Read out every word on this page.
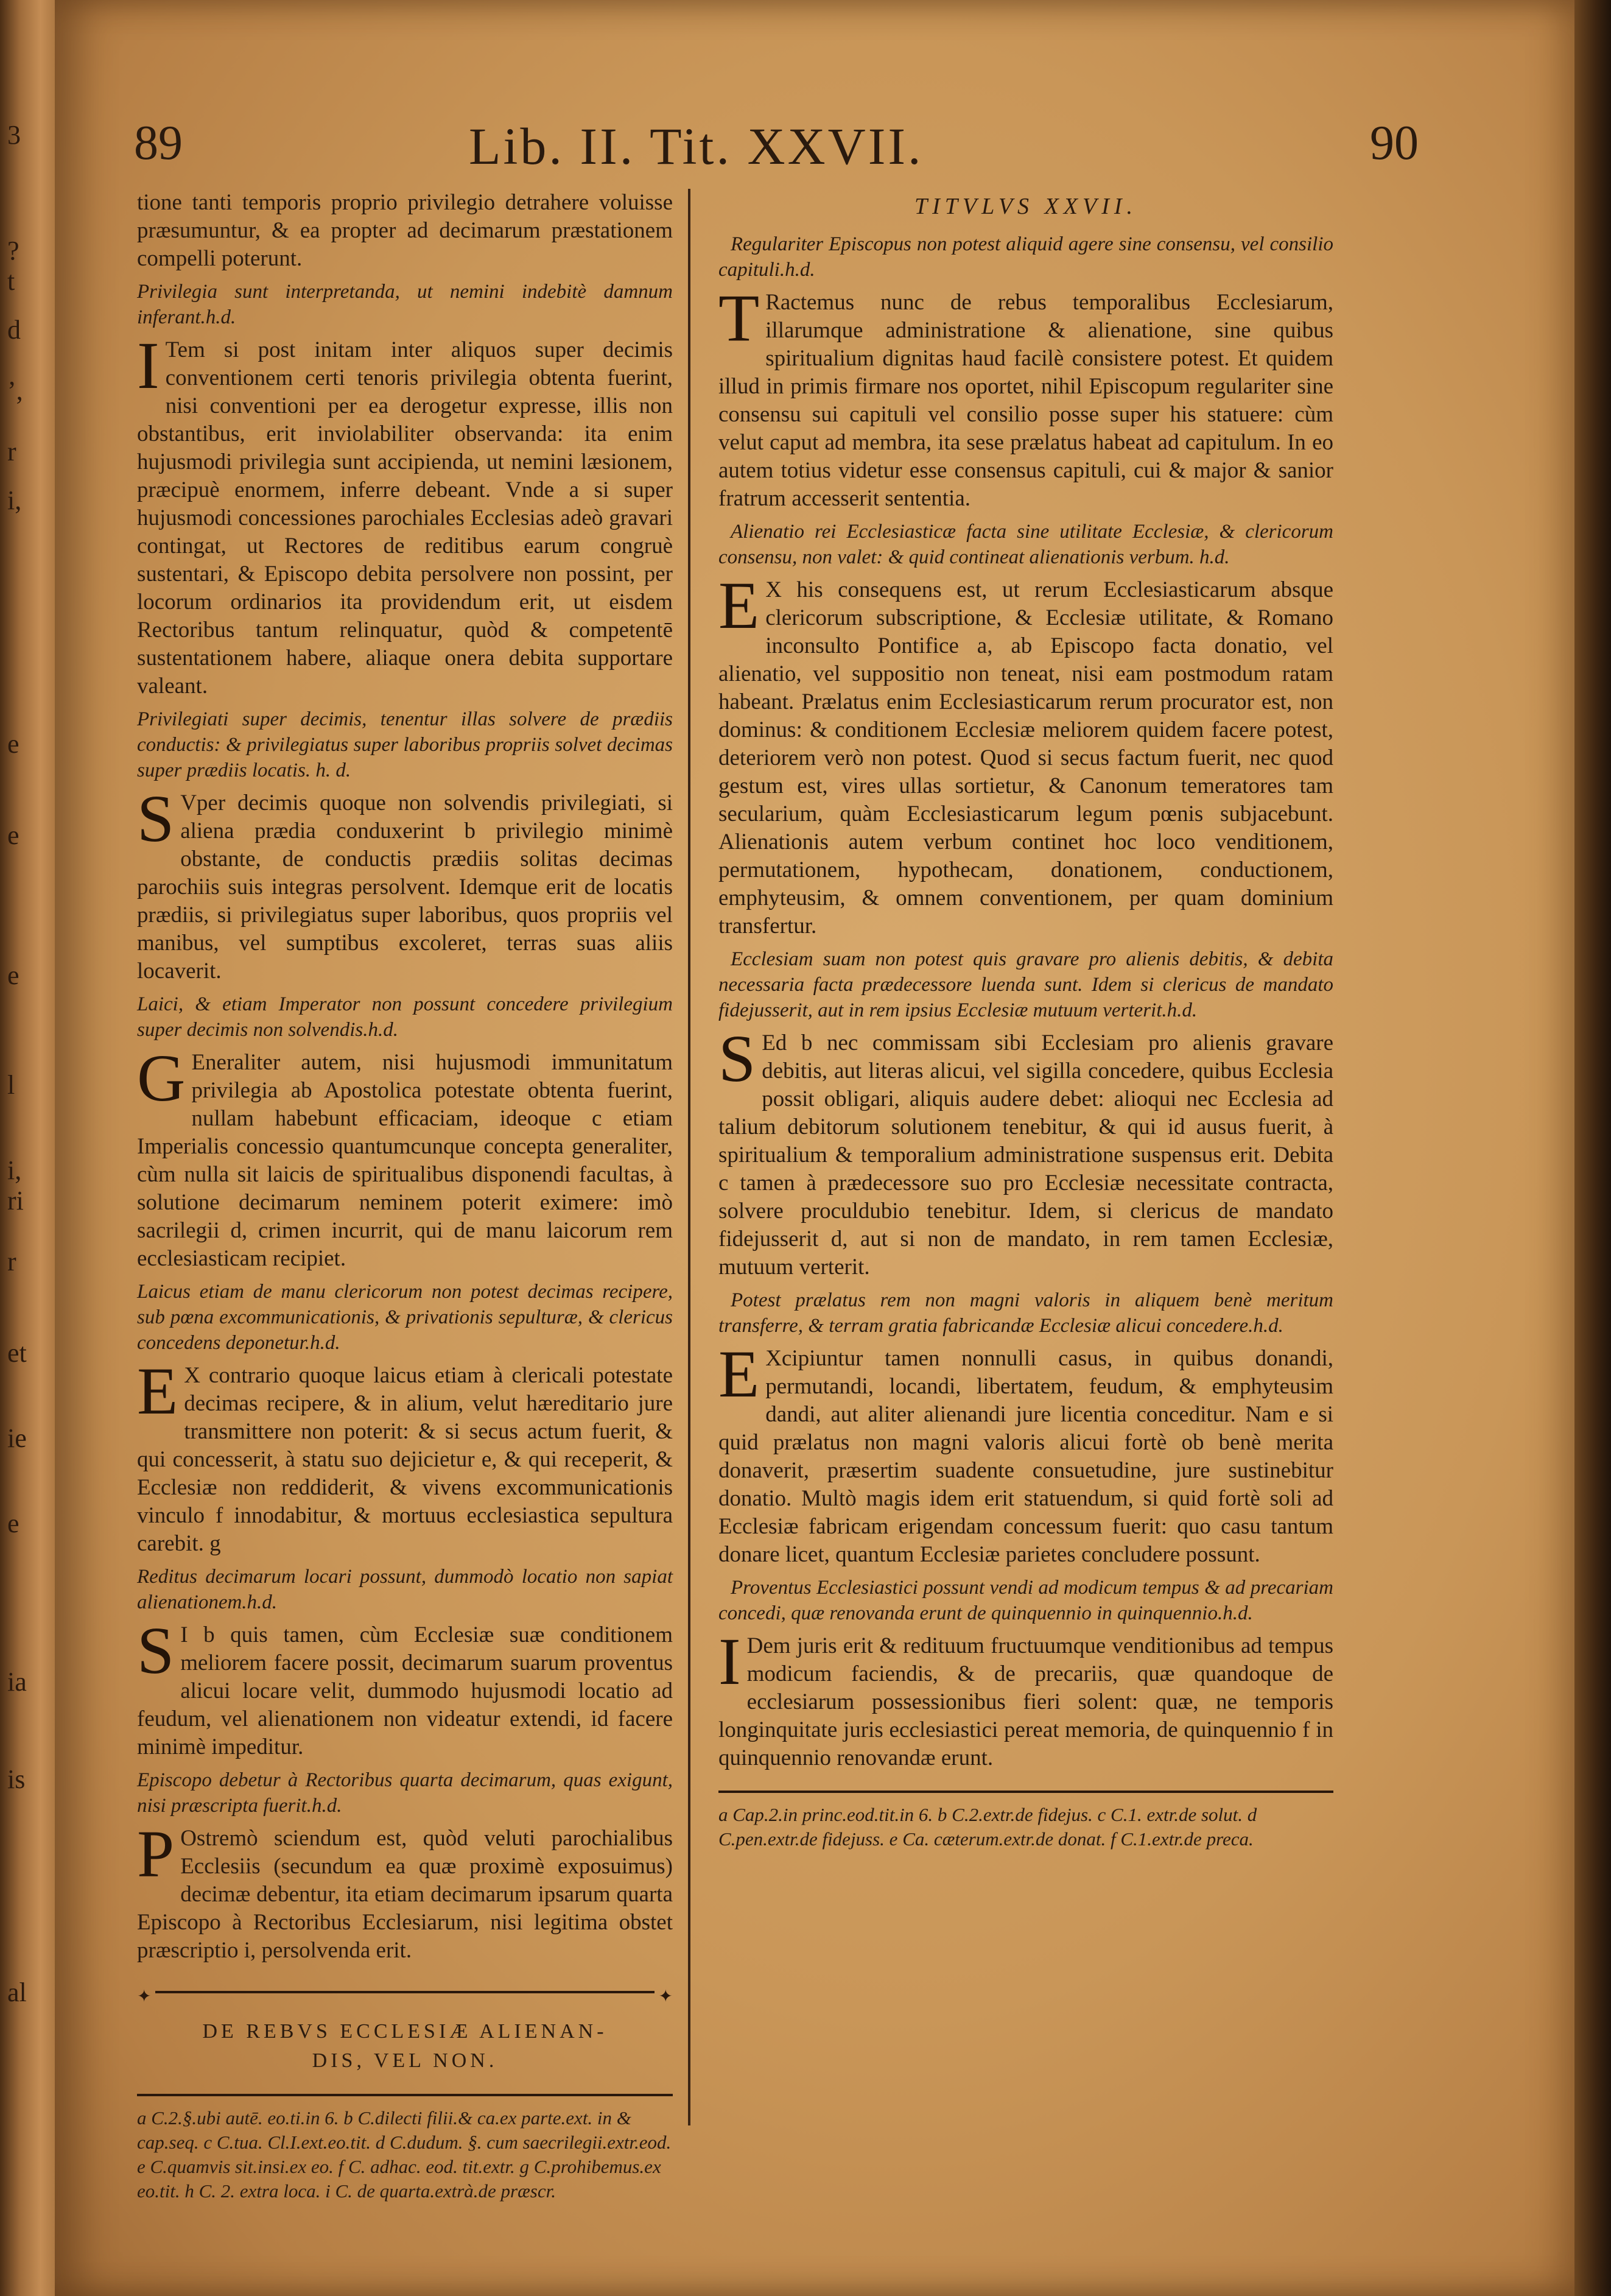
3
?
t
d
’,
r
i,
e
e
e
l
i,
r
ri
et
ie
e
ia
is
al
89	Lib. II. Tit. XXVII.	90

tione tanti temporis proprio privilegio detrahere voluisse præsumuntur, & ea propter ad decimarum præstationem compelli poterunt.

Privilegia sunt interpretanda, ut nemini indebitè damnum inferant.h.d.

I Tem si post initam inter aliquos super decimis conventionem certi tenoris privilegia obtenta fuerint, nisi conventioni per ea derogetur expresse, illis non obstantibus, erit inviolabiliter observanda: ita enim hujusmodi privilegia sunt accipienda, ut nemini læsionem, præcipuè enormem, inferre debeant. Vnde a si super hujusmodi concessiones parochiales Ecclesias adeò gravari contingat, ut Rectores de reditibus earum congruè sustentari, & Episcopo debita persolvere non possint, per locorum ordinarios ita providendum erit, ut eisdem Rectoribus tantum relinquatur, quòd & competentē sustentationem habere, aliaque onera debita supportare valeant.

Privilegiati super decimis, tenentur illas solvere de prædiis conductis: & privilegiatus super laboribus propriis solvet decimas super prædiis locatis. h. d.

S Vper decimis quoque non solvendis privilegiati, si aliena prædia conduxerint b privilegio minimè obstante, de conductis prædiis solitas decimas parochiis suis integras persolvent. Idemque erit de locatis prædiis, si privilegiatus super laboribus, quos propriis vel manibus, vel sumptibus excoleret, terras suas aliis locaverit.

Laici, & etiam Imperator non possunt concedere privilegium super decimis non solvendis.h.d.

G Eneraliter autem, nisi hujusmodi immunitatum privilegia ab Apostolica potestate obtenta fuerint, nullam habebunt efficaciam, ideoque c etiam Imperialis concessio quantumcunque concepta generaliter, cùm nulla sit laicis de spiritualibus disponendi facultas, à solutione decimarum neminem poterit eximere: imò sacrilegii d, crimen incurrit, qui de manu laicorum rem ecclesiasticam recipiet.

Laicus etiam de manu clericorum non potest decimas recipere, sub pœna excommunicationis, & privationis sepulturæ, & clericus concedens deponetur.h.d.

E X contrario quoque laicus etiam à clericali potestate decimas recipere, & in alium, velut hæreditario jure transmittere non poterit: & si secus actum fuerit, & qui concesserit, à statu suo dejicietur e, & qui receperit, & Ecclesiæ non reddiderit, & vivens excommunicationis vinculo f innodabitur, & mortuus ecclesiastica sepultura carebit. g

Reditus decimarum locari possunt, dummodò locatio non sapiat alienationem.h.d.

S I b quis tamen, cùm Ecclesiæ suæ conditionem meliorem facere possit, decimarum suarum proventus alicui locare velit, dummodo hujusmodi locatio ad feudum, vel alienationem non videatur extendi, id facere minimè impeditur.

Episcopo debetur à Rectoribus quarta decimarum, quas exigunt, nisi præscripta fuerit.h.d.

P Ostremò sciendum est, quòd veluti parochialibus Ecclesiis (secundum ea quæ proximè exposuimus) decimæ debentur, ita etiam decimarum ipsarum quarta Episcopo à Rectoribus Ecclesiarum, nisi legitima obstet præscriptio i, persolvenda erit.

✦	✦
DE REBVS ECCLESIÆ ALIENAN-
DIS, VEL NON.

a C.2.§.ubi autē. eo.ti.in 6. b C.dilecti filii.& ca.ex parte.ext. in & cap.seq. c C.tua. Cl.I.ext.eo.tit. d C.dudum. §. cum saecrilegii.extr.eod. e C.quamvis sit.insi.ex eo. f C. adhac. eod. tit.extr. g C.prohibemus.ex eo.tit. h C. 2. extra loca. i C. de quarta.extrà.de præscr.

TITVLVS XXVII.

Regulariter Episcopus non potest aliquid agere sine consensu, vel consilio capituli.h.d.

T Ractemus nunc de rebus temporalibus Ecclesiarum, illarumque administratione & alienatione, sine quibus spiritualium dignitas haud facilè consistere potest. Et quidem illud in primis firmare nos oportet, nihil Episcopum regulariter sine consensu sui capituli vel consilio posse super his statuere: cùm velut caput ad membra, ita sese prælatus habeat ad capitulum. In eo autem totius videtur esse consensus capituli, cui & major & sanior fratrum accesserit sententia.

Alienatio rei Ecclesiasticæ facta sine utilitate Ecclesiæ, & clericorum consensu, non valet: & quid contineat alienationis verbum. h.d.

E X his consequens est, ut rerum Ecclesiasticarum absque clericorum subscriptione, & Ecclesiæ utilitate, & Romano inconsulto Pontifice a, ab Episcopo facta donatio, vel alienatio, vel suppositio non teneat, nisi eam postmodum ratam habeant. Prælatus enim Ecclesiasticarum rerum procurator est, non dominus: & conditionem Ecclesiæ meliorem quidem facere potest, deteriorem verò non potest. Quod si secus factum fuerit, nec quod gestum est, vires ullas sortietur, & Canonum temeratores tam secularium, quàm Ecclesiasticarum legum pœnis subjacebunt. Alienationis autem verbum continet hoc loco venditionem, permutationem, hypothecam, donationem, conductionem, emphyteusim, & omnem conventionem, per quam dominium transfertur.

Ecclesiam suam non potest quis gravare pro alienis debitis, & debita necessaria facta prædecessore luenda sunt. Idem si clericus de mandato fidejusserit, aut in rem ipsius Ecclesiæ mutuum verterit.h.d.

S Ed b nec commissam sibi Ecclesiam pro alienis gravare debitis, aut literas alicui, vel sigilla concedere, quibus Ecclesia possit obligari, aliquis audere debet: alioqui nec Ecclesia ad talium debitorum solutionem tenebitur, & qui id ausus fuerit, à spiritualium & temporalium administratione suspensus erit. Debita c tamen à prædecessore suo pro Ecclesiæ necessitate contracta, solvere proculdubio tenebitur. Idem, si clericus de mandato fidejusserit d, aut si non de mandato, in rem tamen Ecclesiæ, mutuum verterit.

Potest prælatus rem non magni valoris in aliquem benè meritum transferre, & terram gratia fabricandæ Ecclesiæ alicui concedere.h.d.

E Xcipiuntur tamen nonnulli casus, in quibus donandi, permutandi, locandi, libertatem, feudum, & emphyteusim dandi, aut aliter alienandi jure licentia conceditur. Nam e si quid prælatus non magni valoris alicui fortè ob benè merita donaverit, præsertim suadente consuetudine, jure sustinebitur donatio. Multò magis idem erit statuendum, si quid fortè soli ad Ecclesiæ fabricam erigendam concessum fuerit: quo casu tantum donare licet, quantum Ecclesiæ parietes concludere possunt.

Proventus Ecclesiastici possunt vendi ad modicum tempus & ad precariam concedi, quæ renovanda erunt de quinquennio in quinquennio.h.d.

I Dem juris erit & redituum fructuumque venditionibus ad tempus modicum faciendis, & de precariis, quæ quandoque de ecclesiarum possessionibus fieri solent: quæ, ne temporis longinquitate juris ecclesiastici pereat memoria, de quinquennio f in quinquennio renovandæ erunt.

a Cap.2.in princ.eod.tit.in 6. b C.2.extr.de fidejus. c C.1. extr.de solut. d C.pen.extr.de fidejuss. e Ca. cæterum.extr.de donat. f C.1.extr.de preca.
